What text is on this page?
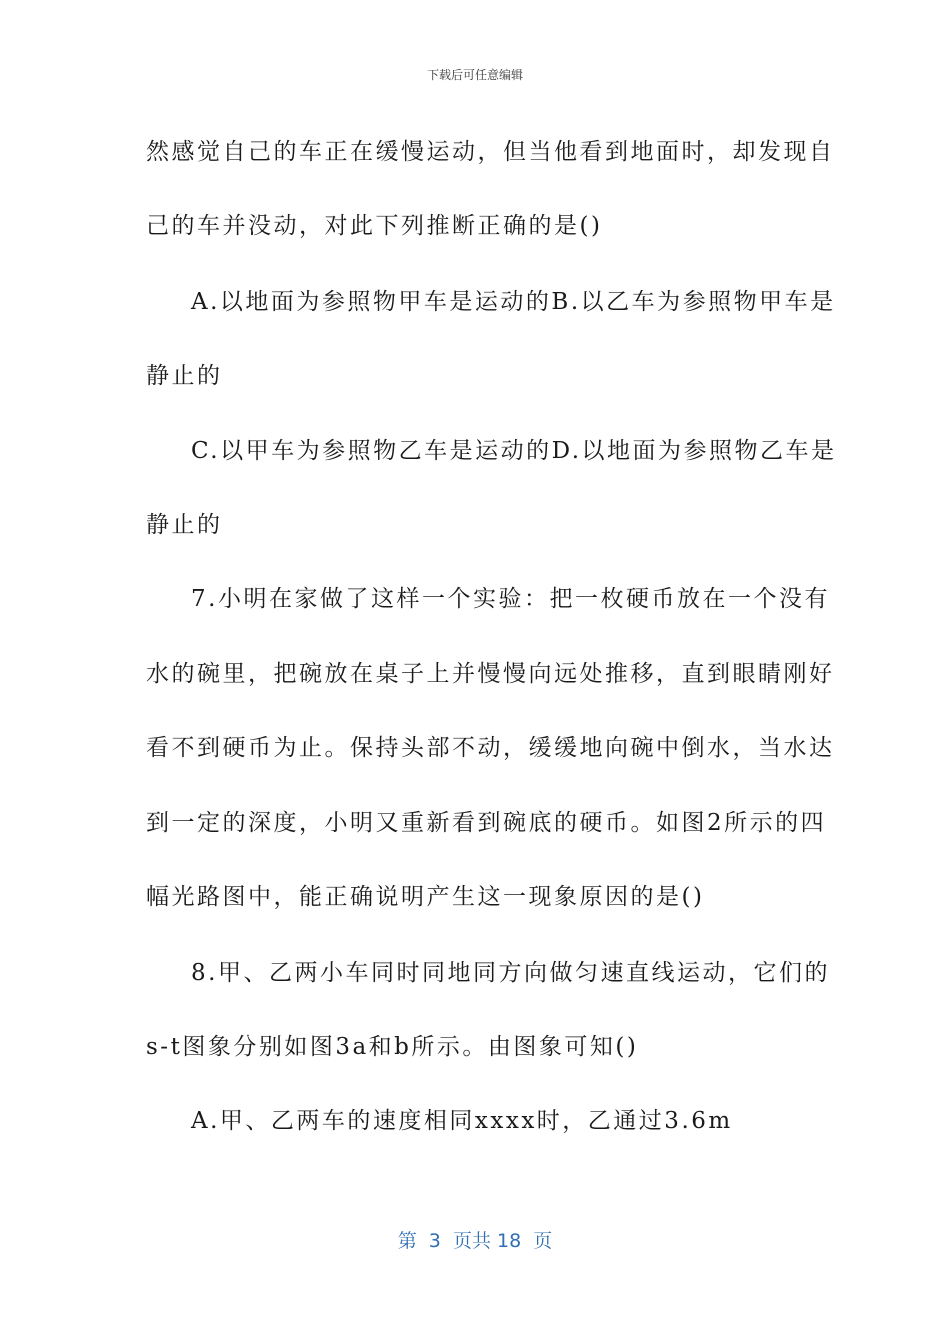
下载后可任意编辑
然感觉自己的车正在缓慢运动，但当他看到地面时，却发现自
己的车并没动，对此下列推断正确的是()
A.以地面为参照物甲车是运动的B.以乙车为参照物甲车是
静止的
C.以甲车为参照物乙车是运动的D.以地面为参照物乙车是
静止的
7.小明在家做了这样一个实验：把一枚硬币放在一个没有
水的碗里，把碗放在桌子上并慢慢向远处推移，直到眼睛刚好
看不到硬币为止。保持头部不动，缓缓地向碗中倒水，当水达
到一定的深度，小明又重新看到碗底的硬币。如图2所示的四
幅光路图中，能正确说明产生这一现象原因的是()
8.甲、乙两小车同时同地同方向做匀速直线运动，它们的
s-t图象分别如图3a和b所示。由图象可知()
A.甲、乙两车的速度相同xxxx时，乙通过3.6m
第  3  页共 18  页
